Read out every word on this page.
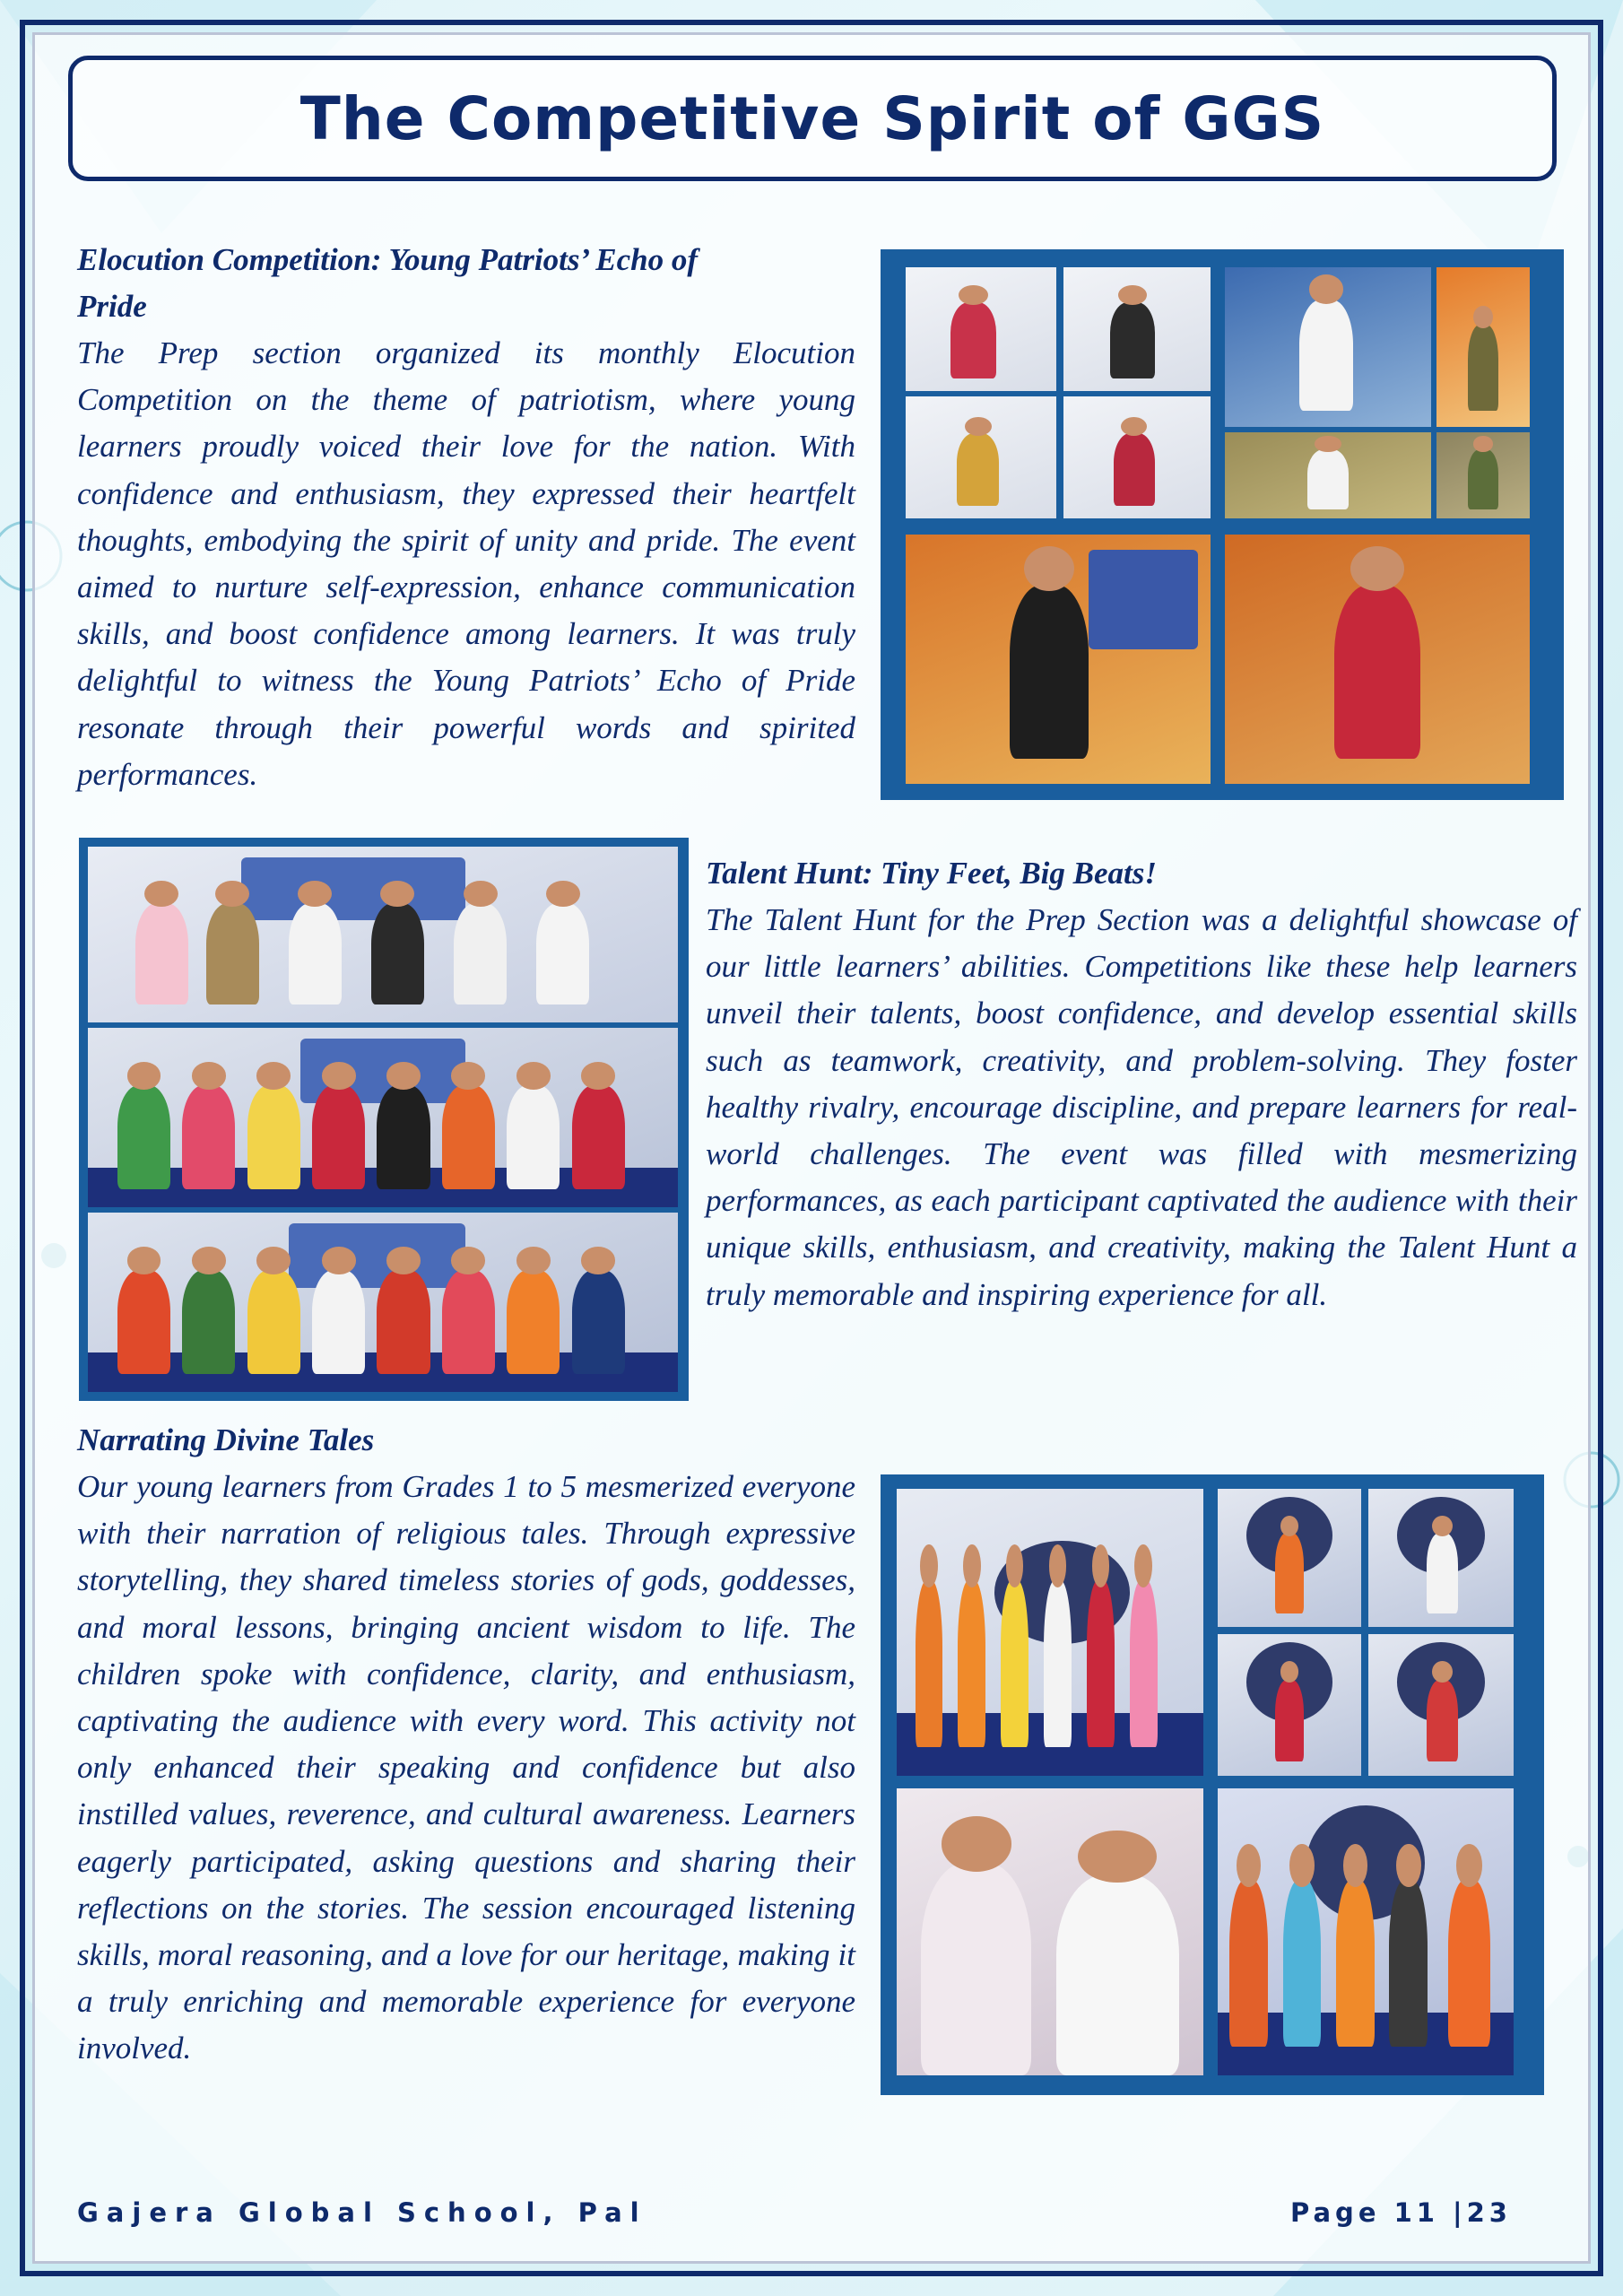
The Competitive Spirit of GGS

Elocution Competition: Young Patriots’ Echo of

Pride

The Prep section organized its monthly Elocution Competition on the theme of patriotism, where young learners proudly voiced their love for the nation. With confidence and enthusiasm, they expressed their heartfelt thoughts, embodying the spirit of unity and pride. The event aimed to nurture self-expression, enhance communication skills, and boost confidence among learners. It was truly delightful to witness the Young Patriots’ Echo of Pride resonate through their powerful words and spirited performances.

Talent Hunt: Tiny Feet, Big Beats!

The Talent Hunt for the Prep Section was a delightful showcase of our little learners’ abilities. Competitions like these help learners unveil their talents, boost confidence, and develop essential skills such as teamwork, creativity, and problem-solving. They foster healthy rivalry, encourage discipline, and prepare learners for real-world challenges. The event was filled with mesmerizing performances, as each participant captivated the audience with their unique skills, enthusiasm, and creativity, making the Talent Hunt a truly memorable and inspiring experience for all.

Narrating Divine Tales

Our young learners from Grades 1 to 5 mesmerized everyone with their narration of religious tales. Through expressive storytelling, they shared timeless stories of gods, goddesses, and moral lessons, bringing ancient wisdom to life. The children spoke with confidence, clarity, and enthusiasm, captivating the audience with every word. This activity not only enhanced their speaking and confidence but also instilled values, reverence, and cultural awareness. Learners eagerly participated, asking questions and sharing their reflections on the stories. The session encouraged listening skills, moral reasoning, and a love for our heritage, making it a truly enriching and memorable experience for everyone involved.

Gajera Global School, Pal	Page 11 |23
